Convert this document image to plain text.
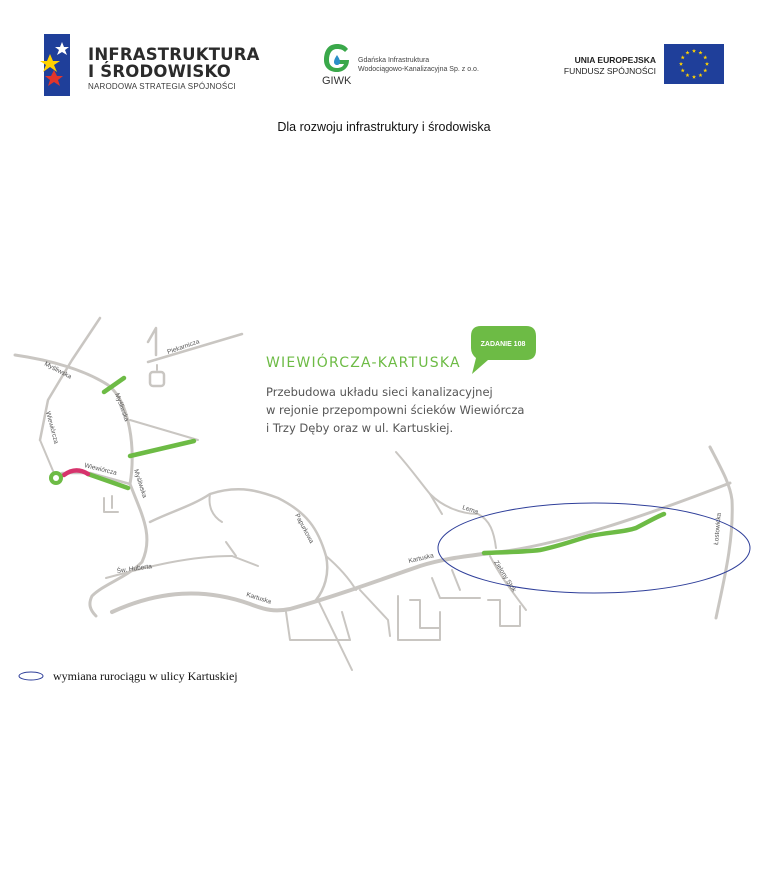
INFRASTRUKTURA
I ŚRODOWISKO
NARODOWA STRATEGIA SPÓJNOŚCI	GIWK
Gdańska Infrastruktura
Wodociągowo-Kanalizacyjna Sp. z o.o.
UNIA EUROPEJSKA
FUNDUSZ SPÓJNOŚCI
Dla rozwoju infrastruktury i środowiska
Myśliwska
Myśliwska
Myśliwska
Wiewiórcza
Wiewiórcza
Piekarnicza
Papurkowa
Św. Huberta
Kartuska
Kartuska
Lema
Zielony Stok
Łostowicka
ZADANIE 108
WIEWIÓRCZA-KARTUSKA
Przebudowa układu sieci kanalizacyjnej
w rejonie przepompowni ścieków Wiewiórcza
i Trzy Dęby oraz w ul. Kartuskiej.
wymiana rurociągu w ulicy Kartuskiej
